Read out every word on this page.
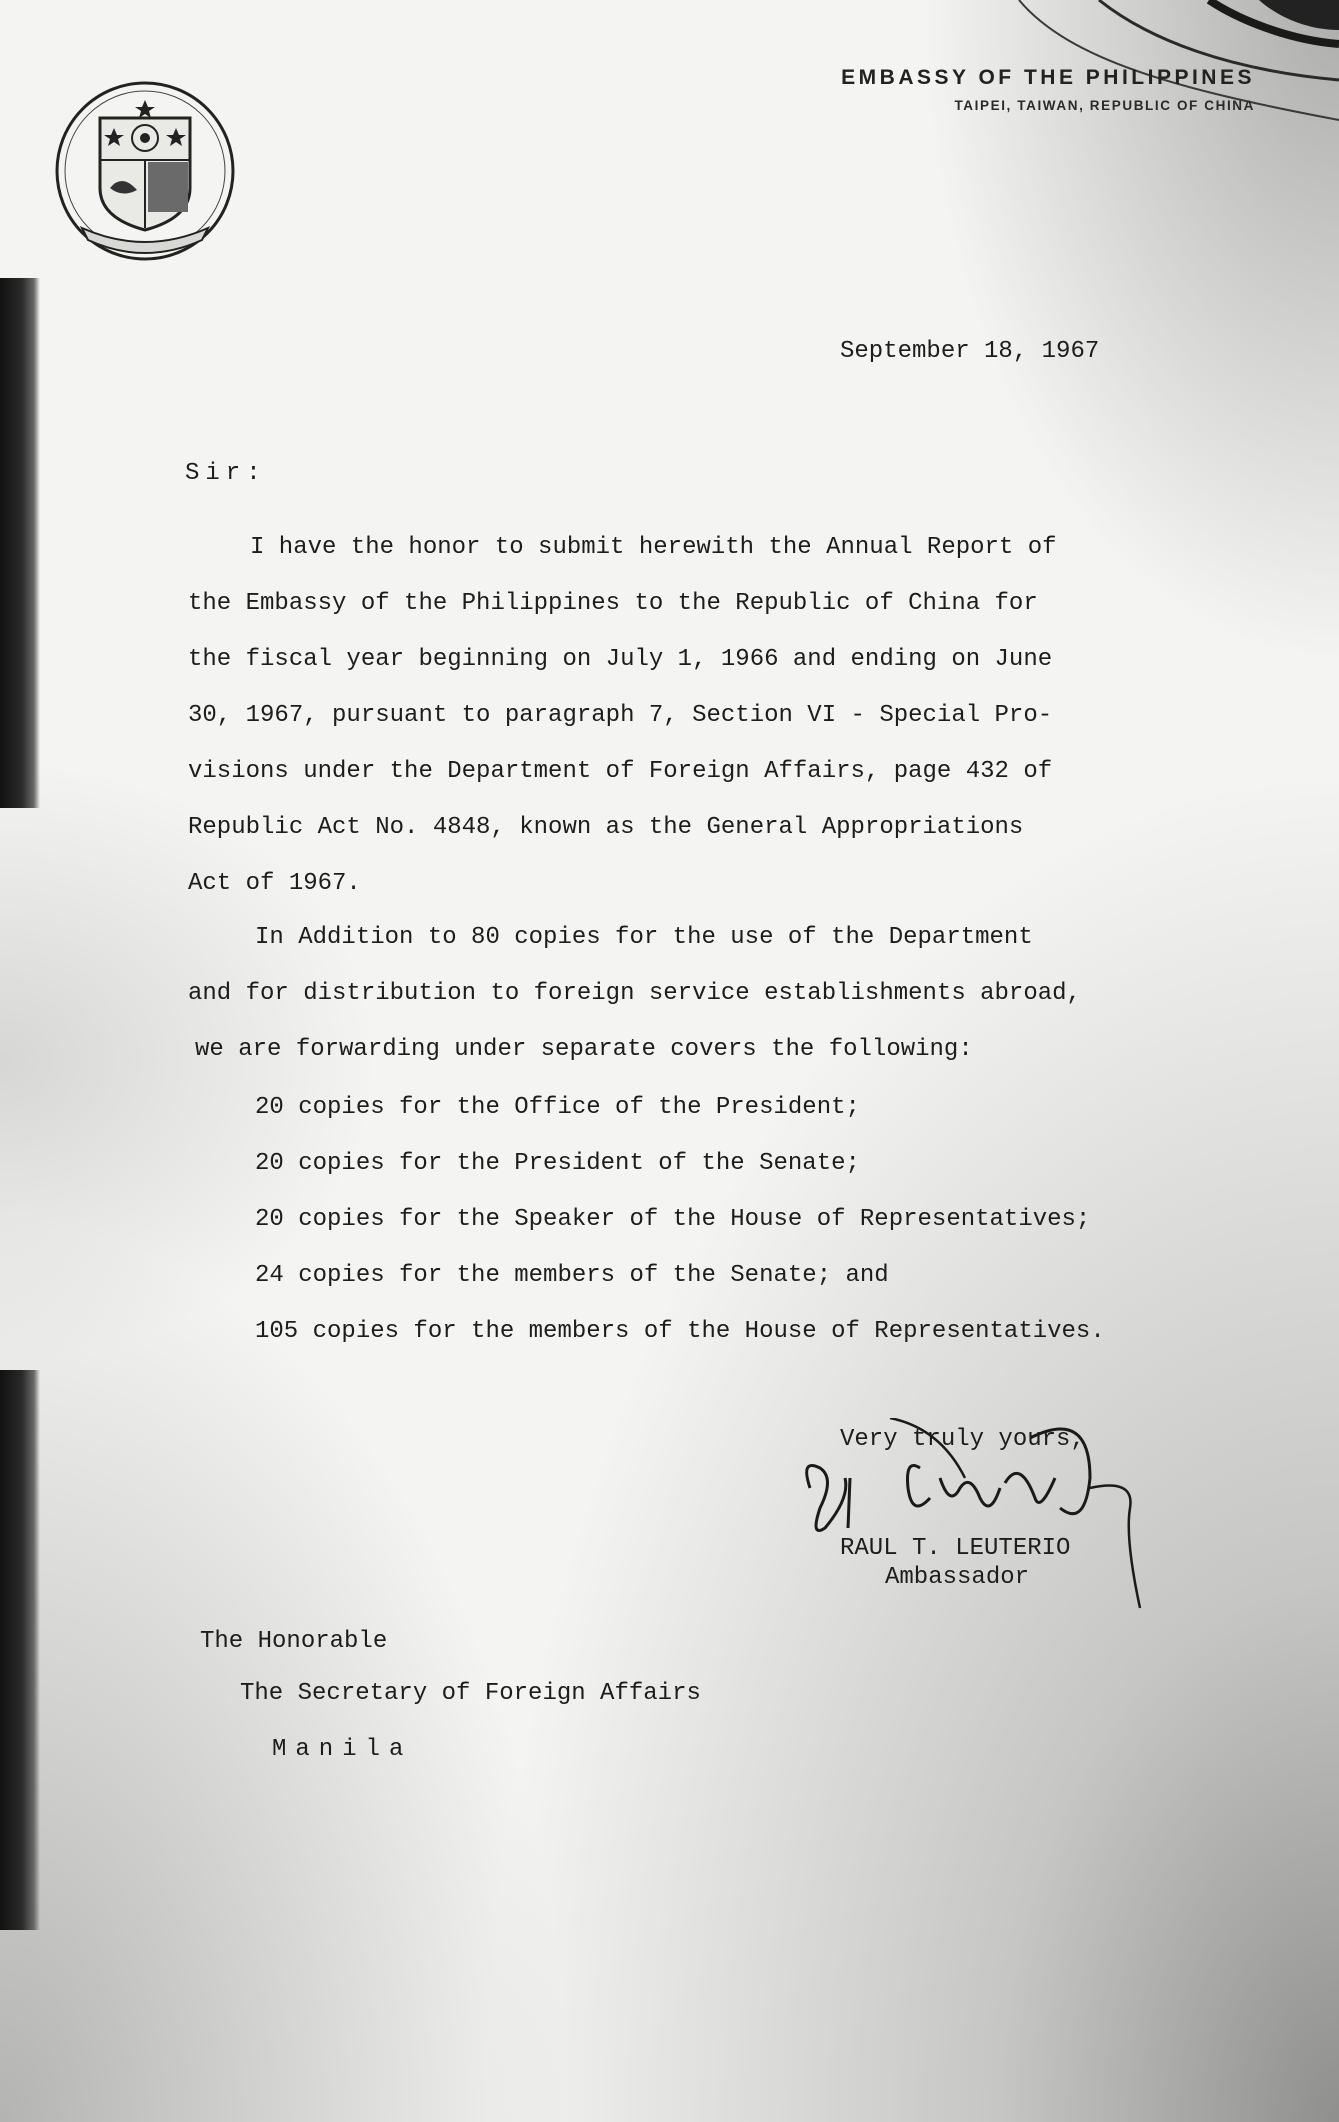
EMBASSY OF THE PHILIPPINES
TAIPEI, TAIWAN, REPUBLIC OF CHINA
September 18, 1967
Sir:
I have the honor to submit herewith the Annual Report of
the Embassy of the Philippines to the Republic of China for
the fiscal year beginning on July 1, 1966 and ending on June
30, 1967, pursuant to paragraph 7, Section VI - Special Pro-
visions under the Department of Foreign Affairs, page 432 of
Republic Act No. 4848, known as the General Appropriations
Act of 1967.
In Addition to 80 copies for the use of the Department
and for distribution to foreign service establishments abroad,
we are forwarding under separate covers the following:
20 copies for the Office of the President;
20 copies for the President of the Senate;
20 copies for the Speaker of the House of Representatives;
24 copies for the members of the Senate; and
105 copies for the members of the House of Representatives.
Very truly yours,
RAUL T. LEUTERIO
Ambassador
The Honorable
The Secretary of Foreign Affairs
Manila
